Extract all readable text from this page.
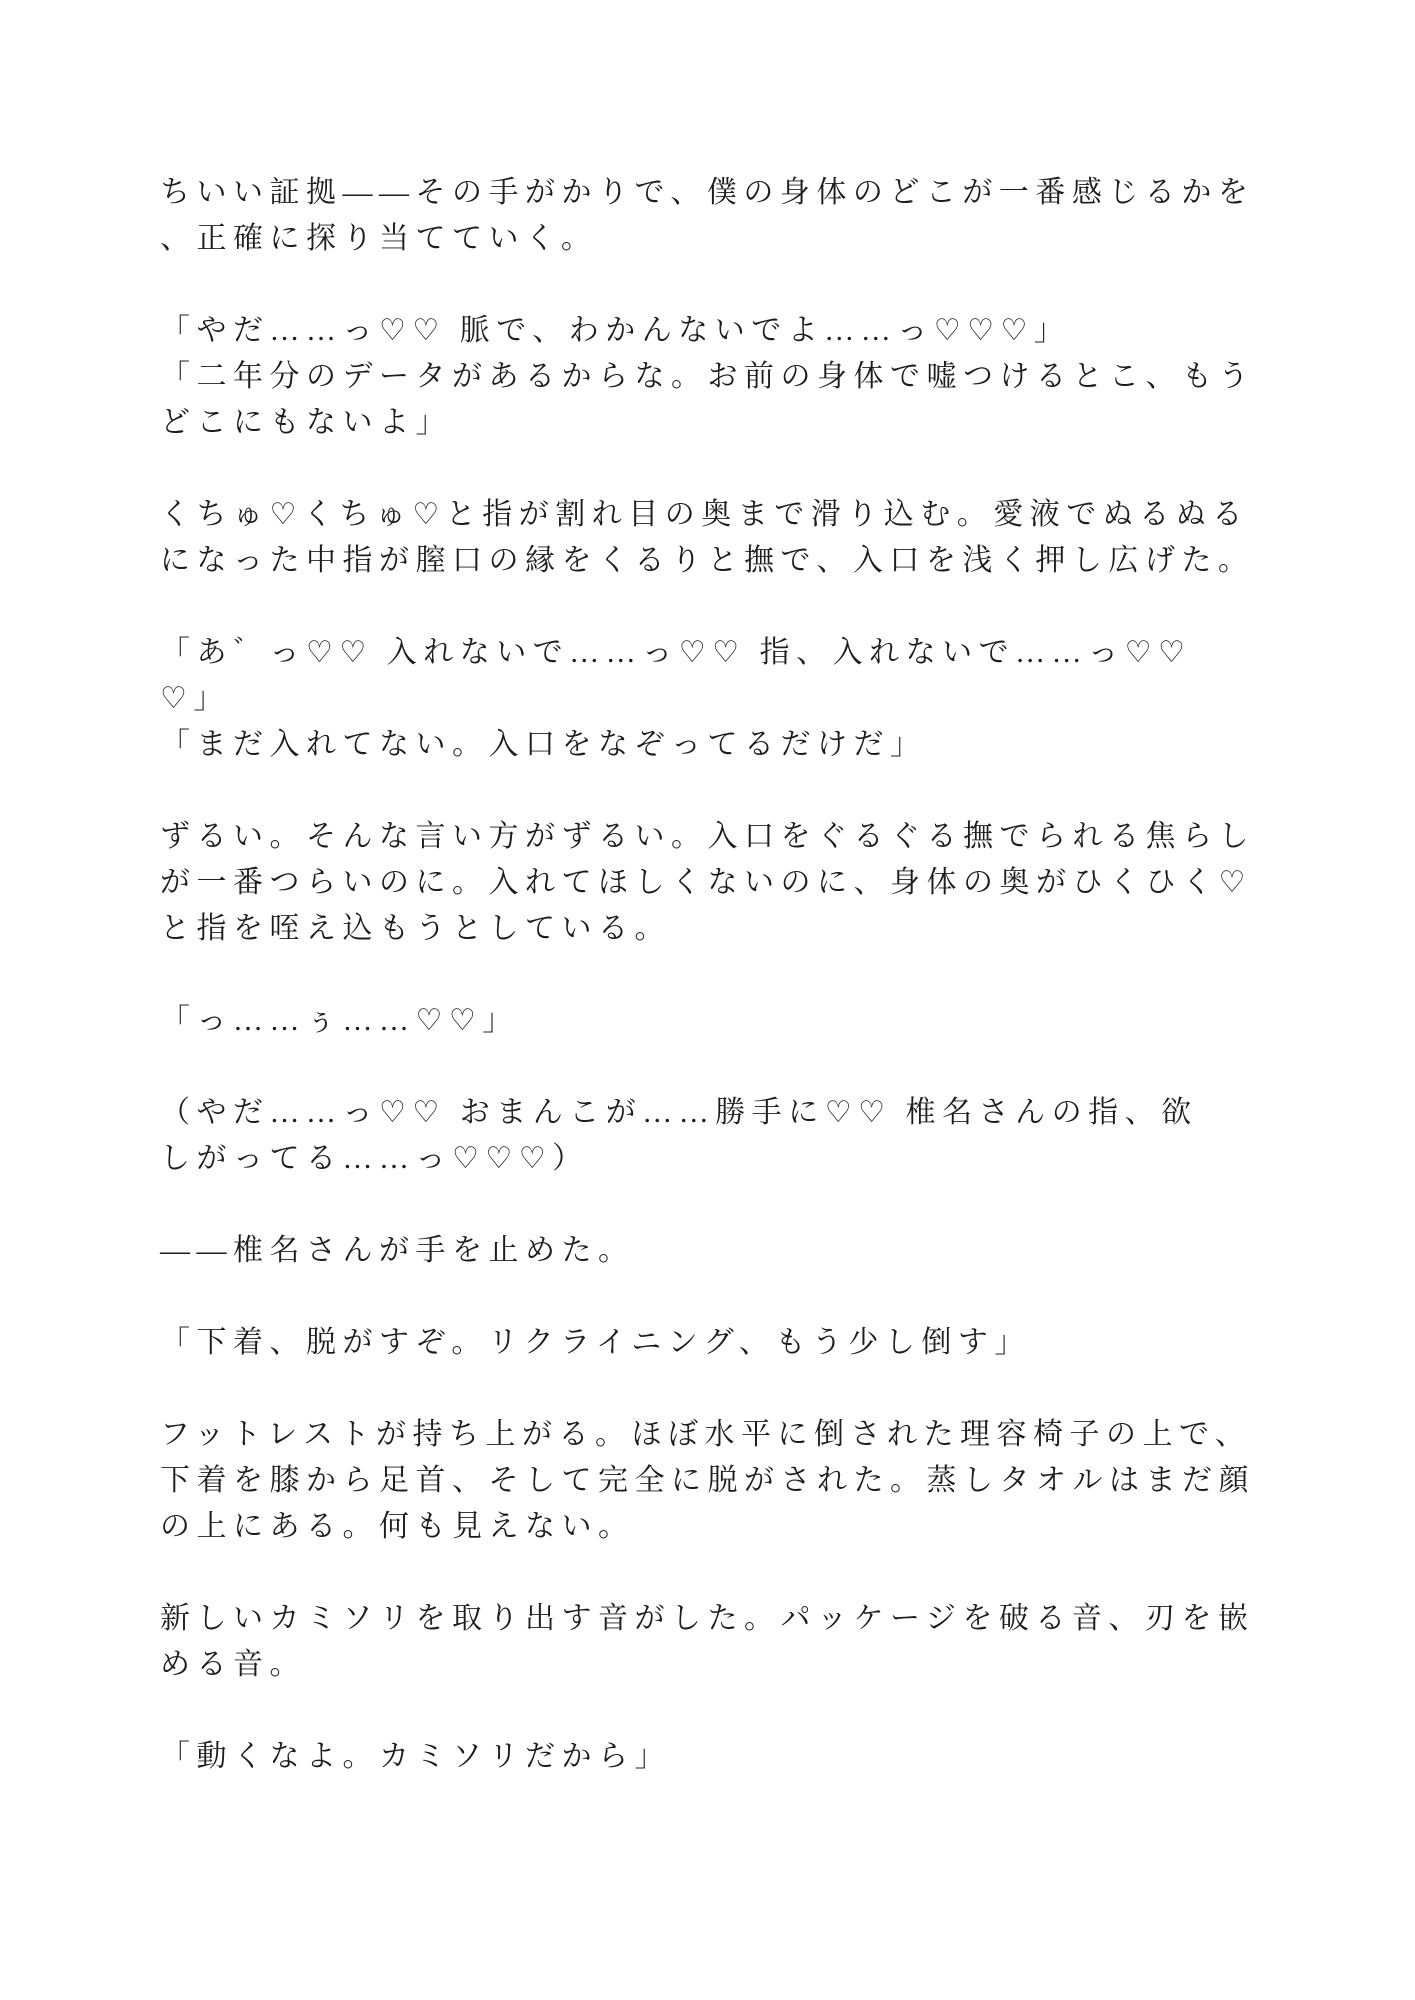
ちいい証拠——その手がかりで、僕の身体のどこが一番感じるかを
、正確に探り当てていく。

「やだ……っ♡♡ 脈で、わかんないでよ……っ♡♡♡」
「二年分のデータがあるからな。お前の身体で嘘つけるとこ、もう
どこにもないよ」

くちゅ♡くちゅ♡と指が割れ目の奥まで滑り込む。愛液でぬるぬる
になった中指が膣口の縁をくるりと撫で、入口を浅く押し広げた。

「あ゛っ♡♡ 入れないで……っ♡♡ 指、入れないで……っ♡♡
♡」
「まだ入れてない。入口をなぞってるだけだ」

ずるい。そんな言い方がずるい。入口をぐるぐる撫でられる焦らし
が一番つらいのに。入れてほしくないのに、身体の奥がひくひく♡
と指を咥え込もうとしている。

「っ……ぅ……♡♡」

（やだ……っ♡♡ おまんこが……勝手に♡♡ 椎名さんの指、欲
しがってる……っ♡♡♡）

——椎名さんが手を止めた。

「下着、脱がすぞ。リクライニング、もう少し倒す」

フットレストが持ち上がる。ほぼ水平に倒された理容椅子の上で、
下着を膝から足首、そして完全に脱がされた。蒸しタオルはまだ顔
の上にある。何も見えない。

新しいカミソリを取り出す音がした。パッケージを破る音、刃を嵌
める音。

「動くなよ。カミソリだから」
